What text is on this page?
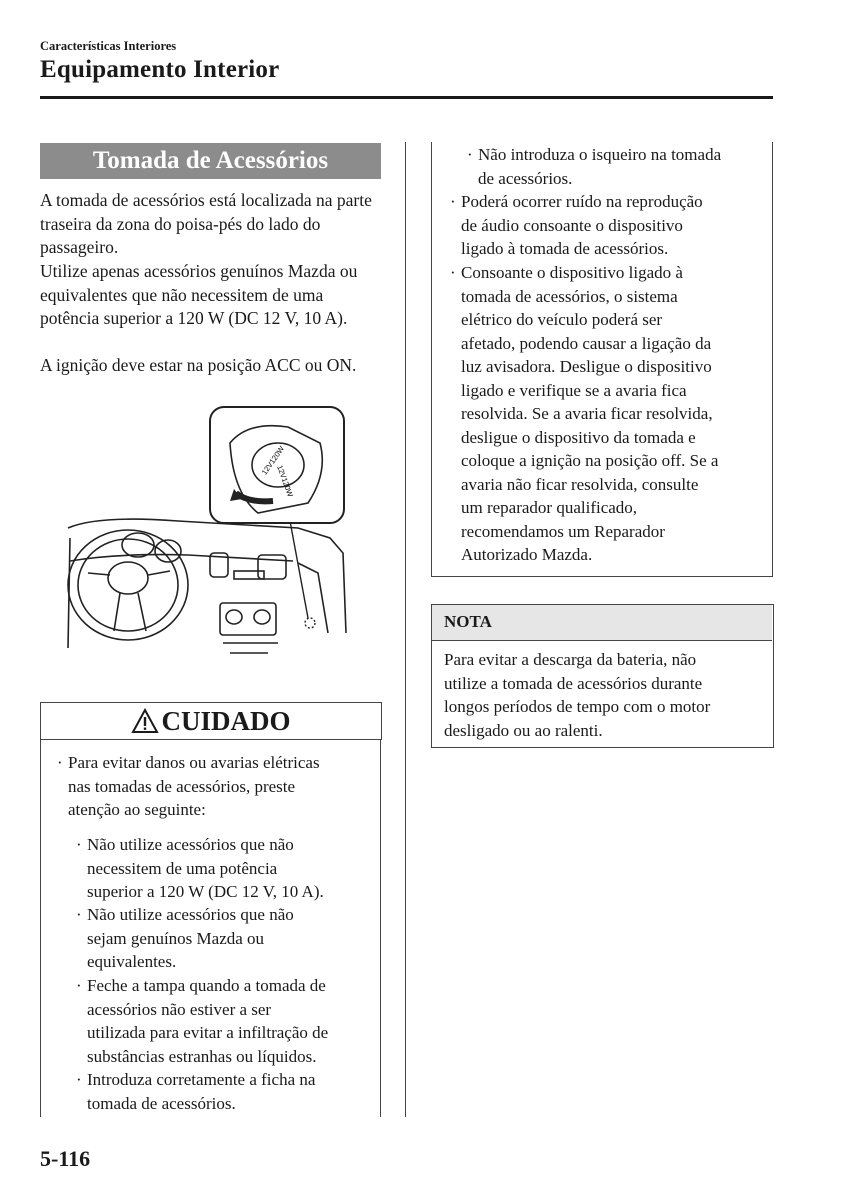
Características Interiores
Equipamento Interior
Tomada de Acessórios
A tomada de acessórios está localizada na parte traseira da zona do poisa-pés do lado do passageiro.
Utilize apenas acessórios genuínos Mazda ou equivalentes que não necessitem de uma potência superior a 120 W (DC 12 V, 10 A).
A ignição deve estar na posição ACC ou ON.
12V120W
12V120W
CUIDADO
· Para evitar danos ou avarias elétricas
nas tomadas de acessórios, preste
atenção ao seguinte:
· Não utilize acessórios que não
necessitem de uma potência
superior a 120 W (DC 12 V, 10 A).
· Não utilize acessórios que não
sejam genuínos Mazda ou
equivalentes.
· Feche a tampa quando a tomada de
acessórios não estiver a ser
utilizada para evitar a infiltração de
substâncias estranhas ou líquidos.
· Introduza corretamente a ficha na
tomada de acessórios.
· Não introduza o isqueiro na tomada
de acessórios.
· Poderá ocorrer ruído na reprodução
de áudio consoante o dispositivo
ligado à tomada de acessórios.
· Consoante o dispositivo ligado à
tomada de acessórios, o sistema
elétrico do veículo poderá ser
afetado, podendo causar a ligação da
luz avisadora. Desligue o dispositivo
ligado e verifique se a avaria fica
resolvida. Se a avaria ficar resolvida,
desligue o dispositivo da tomada e
coloque a ignição na posição off. Se a
avaria não ficar resolvida, consulte
um reparador qualificado,
recomendamos um Reparador
Autorizado Mazda.
NOTA
Para evitar a descarga da bateria, não
utilize a tomada de acessórios durante
longos períodos de tempo com o motor
desligado ou ao ralenti.
5-116
